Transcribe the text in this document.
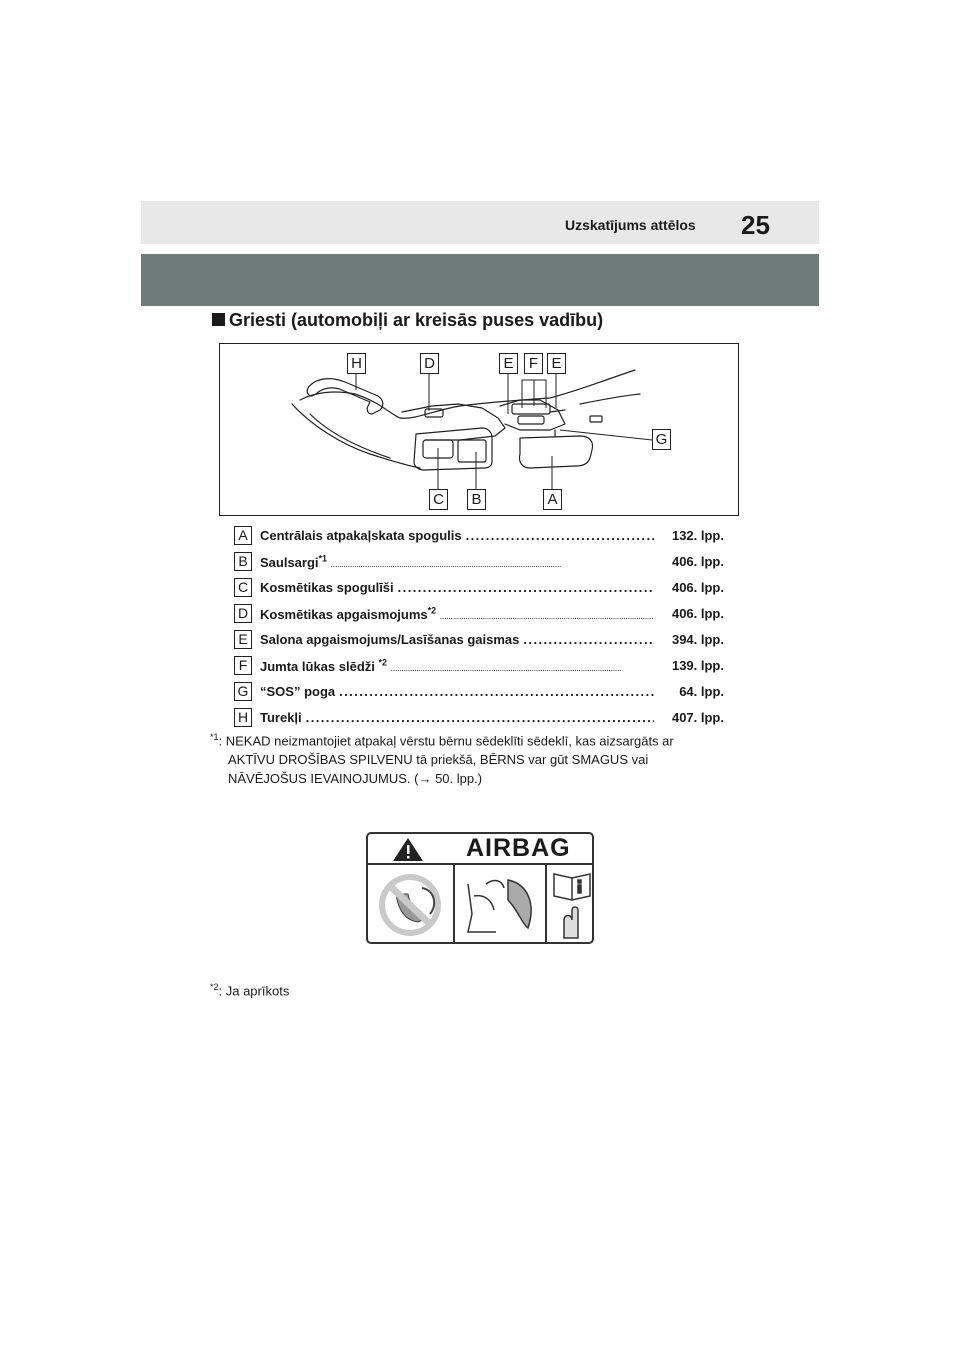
Uzskatījums attēlos 25
Griesti (automobiļi ar kreisās puses vadību)
H	D	E	F E
G
C B	A
A Centrālais atpakaļskata spogulis . . .	132. lpp.
B Saulsargi$^{*1}$ . . .	406. lpp.
C Kosmētikas spogulīši . . .	406. lpp.
D Kosmētikas apgaismojums$^{*2}$ . . .	406. lpp.
E Salona apgaismojums/Lasīšanas gaismas . . .	394. lpp.
F Jumta lūkas slēdži $^{*2}$ . . .	139. lpp.
G “SOS” poga . . .	64. lpp.
H Turekļi . . .	407. lpp.
$^{*1}$: NEKAD neizmantojiet atpakaļ vērstu bērnu sēdeklīti sēdeklī, kas aizsargāts ar
AKTĪVU DROŠĪBAS SPILVENU tā priekšā, BĒRNS var gūt SMAGUS vai
NĀVĒJOŠUS IEVAINOJUMUS. (→ 50. lpp.)
AIRBAG
$^{*2}$: Ja aprīkots
